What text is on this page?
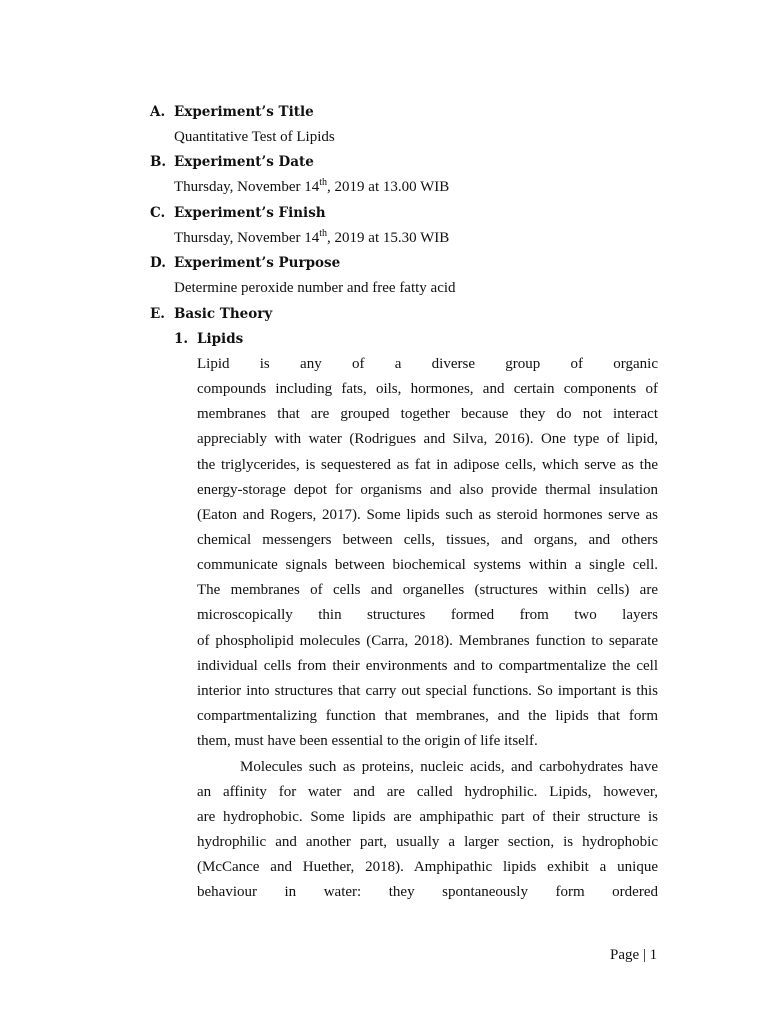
A. Experiment’s Title
Quantitative Test of Lipids
B. Experiment’s Date
Thursday, November 14th, 2019 at 13.00 WIB
C. Experiment’s Finish
Thursday, November 14th, 2019 at 15.30 WIB
D. Experiment’s Purpose
Determine peroxide number and free fatty acid
E. Basic Theory
1. Lipids
Lipid is any of a diverse group of organic
compounds including fats, oils, hormones, and certain components of
membranes that are grouped together because they do not interact
appreciably with water (Rodrigues and Silva, 2016). One type of lipid,
the triglycerides, is sequestered as fat in adipose cells, which serve as the
energy-storage depot for organisms and also provide thermal insulation
(Eaton and Rogers, 2017). Some lipids such as steroid hormones serve as
chemical messengers between cells, tissues, and organs, and others
communicate signals between biochemical systems within a single cell.
The membranes of cells and organelles (structures within cells) are
microscopically thin structures formed from two layers
of phospholipid molecules (Carra, 2018). Membranes function to separate
individual cells from their environments and to compartmentalize the cell
interior into structures that carry out special functions. So important is this
compartmentalizing function that membranes, and the lipids that form
them, must have been essential to the origin of life itself.
Molecules such as proteins, nucleic acids, and carbohydrates have
an affinity for water and are called hydrophilic. Lipids, however,
are hydrophobic. Some lipids are amphipathic part of their structure is
hydrophilic and another part, usually a larger section, is hydrophobic
(McCance and Huether, 2018). Amphipathic lipids exhibit a unique
behaviour in water: they spontaneously form ordered
Page | 1
